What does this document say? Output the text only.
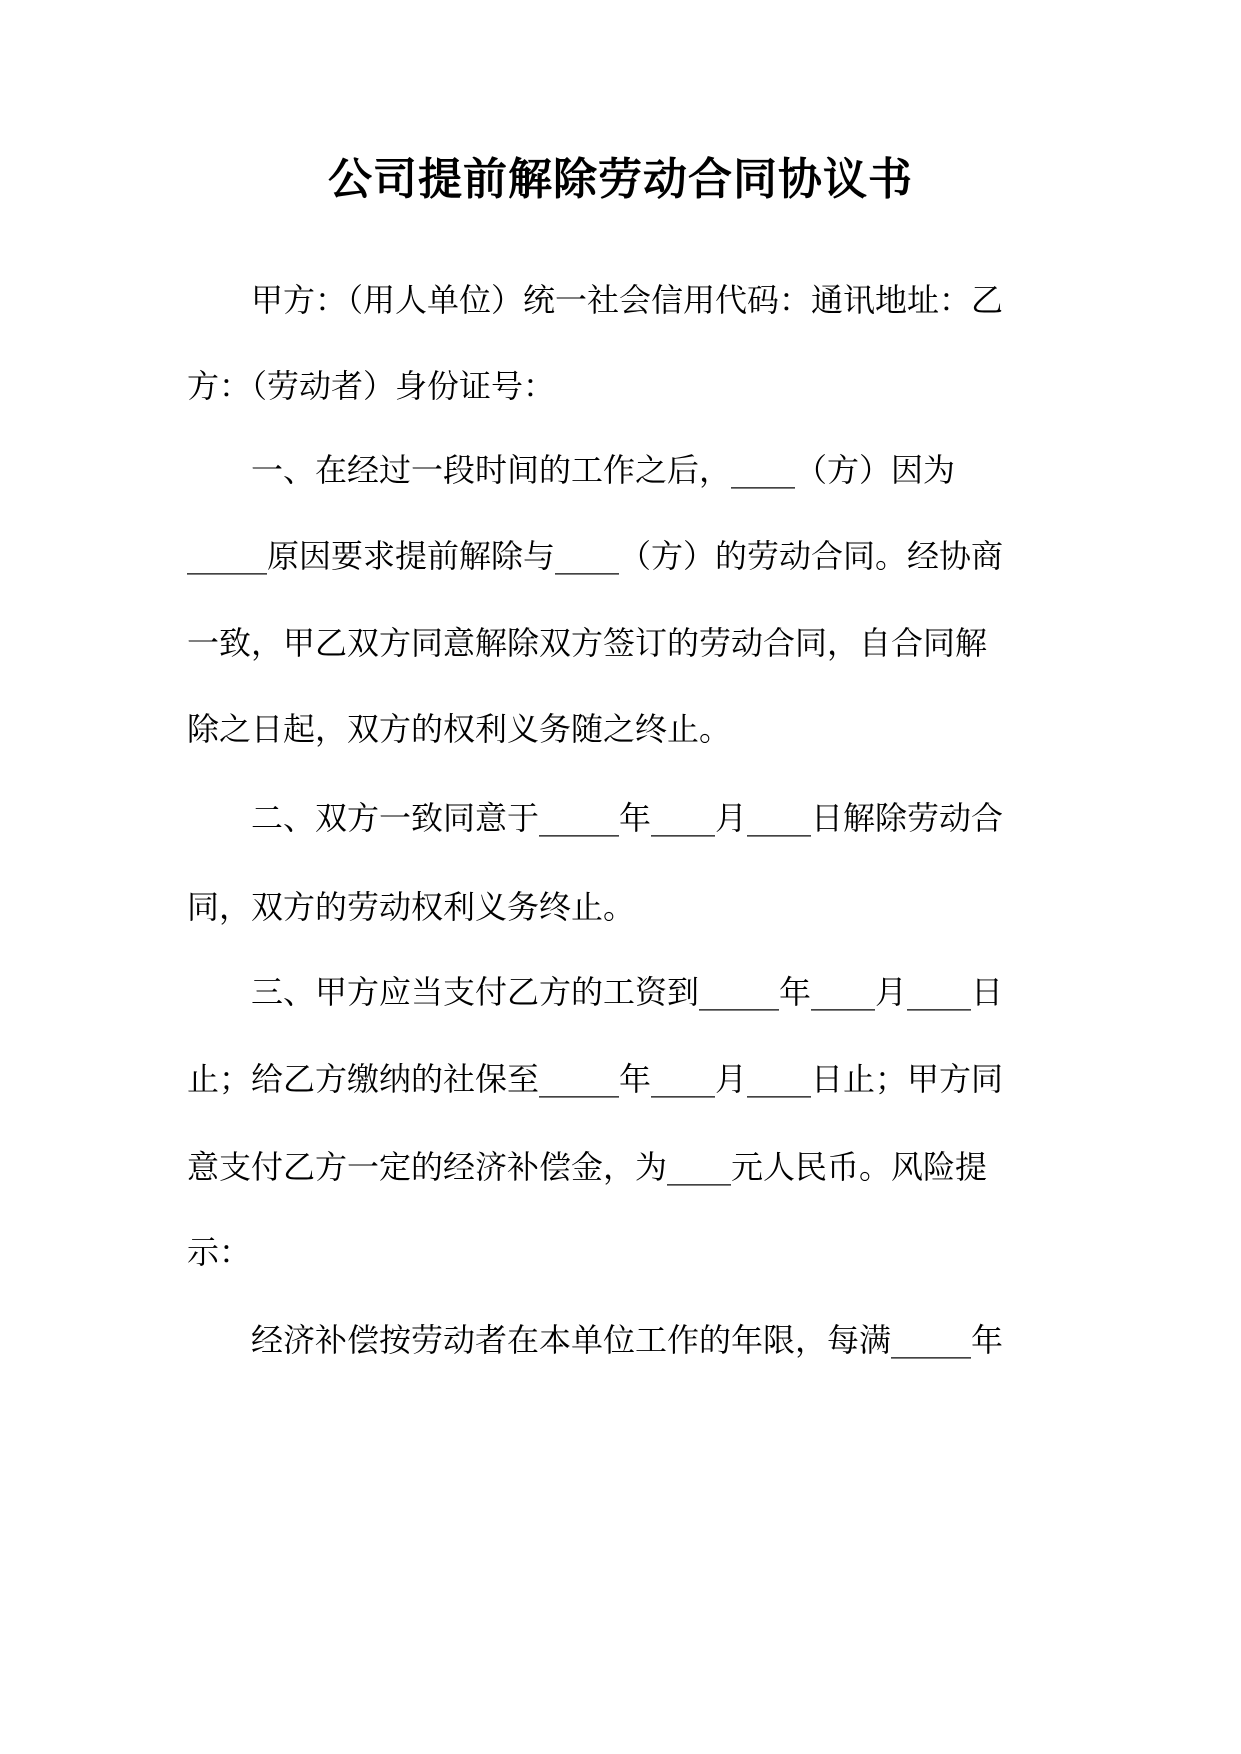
公司提前解除劳动合同协议书
甲方：（用人单位）统一社会信用代码：通讯地址：乙
方：（劳动者）身份证号：
一、在经过一段时间的工作之后，____（方）因为
_____原因要求提前解除与____（方）的劳动合同。经协商
一致，甲乙双方同意解除双方签订的劳动合同，自合同解
除之日起，双方的权利义务随之终止。
二、双方一致同意于_____年____月____日解除劳动合
同，双方的劳动权利义务终止。
三、甲方应当支付乙方的工资到_____年____月____日
止；给乙方缴纳的社保至_____年____月____日止；甲方同
意支付乙方一定的经济补偿金，为____元人民币。风险提
示：
经济补偿按劳动者在本单位工作的年限，每满_____年
